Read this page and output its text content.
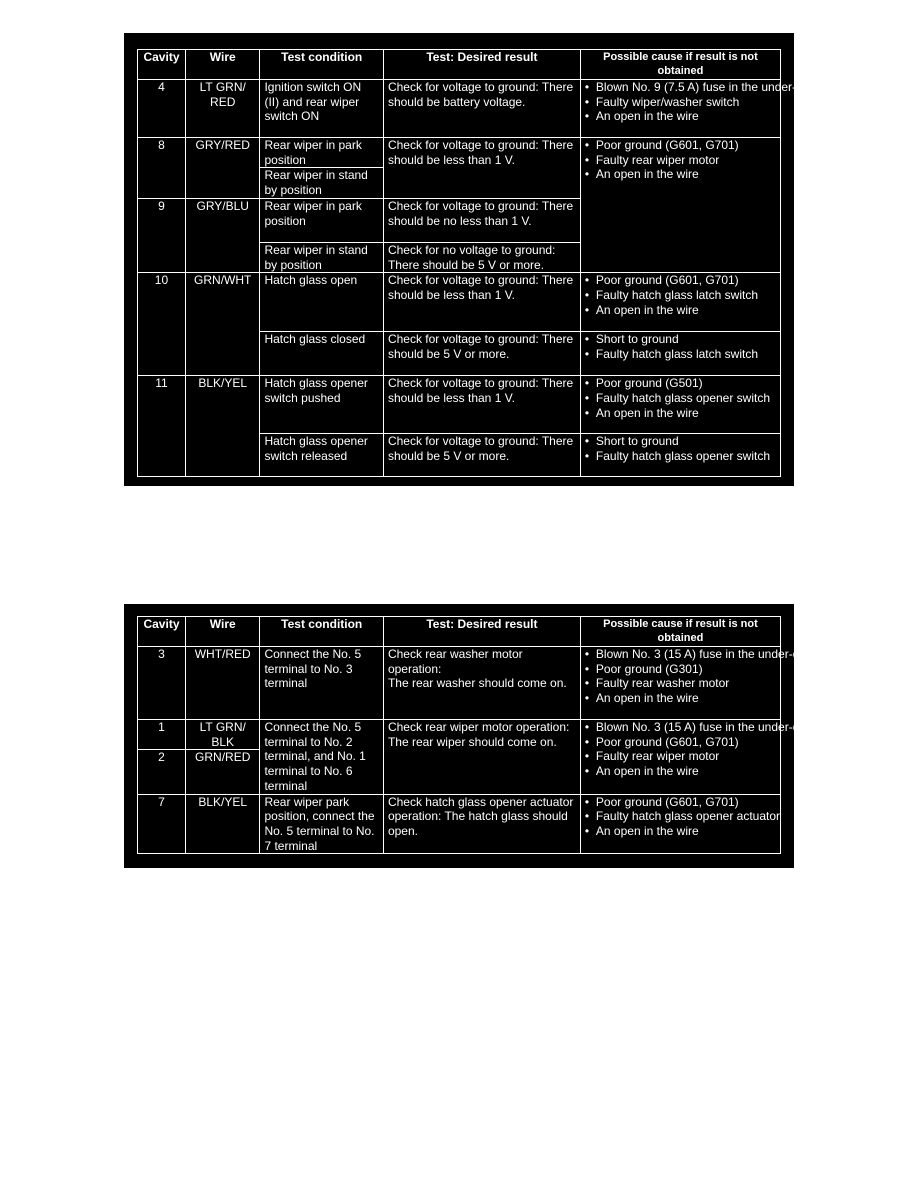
Cavity	Wire	Test condition	Test: Desired result	Possible cause if result is not obtained
4	LT GRN/ RED	Ignition switch ON (II) and rear wiper switch ON	Check for voltage to ground: There should be battery voltage.	• Blown No. 9 (7.5 A) fuse in the under-dash fuse/relay box
• Faulty wiper/washer switch
• An open in the wire

8	GRY/RED	Rear wiper in park position	Check for voltage to ground: There should be less than 1 V.	• Poor ground (G601, G701)
• Faulty rear wiper motor
• An open in the wire

		Rear wiper in stand by position		
9	GRY/BLU	Rear wiper in park position	Check for voltage to ground: There should be no less than 1 V.	
		Rear wiper in stand by position	Check for no voltage to ground: There should be 5 V or more.	
10	GRN/WHT	Hatch glass open	Check for voltage to ground: There should be less than 1 V.	• Poor ground (G601, G701)
• Faulty hatch glass latch switch
• An open in the wire

		Hatch glass closed	Check for voltage to ground: There should be 5 V or more.	• Short to ground
• Faulty hatch glass latch switch

11	BLK/YEL	Hatch glass opener switch pushed	Check for voltage to ground: There should be less than 1 V.	• Poor ground (G501)
• Faulty hatch glass opener switch
• An open in the wire

		Hatch glass opener switch released	Check for voltage to ground: There should be 5 V or more.	• Short to ground
• Faulty hatch glass opener switch
Cavity	Wire	Test condition	Test: Desired result	Possible cause if result is not obtained
3	WHT/RED	Connect the No. 5 terminal to No. 3 terminal	Check rear washer motor operation:
The rear washer should come on.	• Blown No. 3 (15 A) fuse in the under-dash fuse/relay box
• Poor ground (G301)
• Faulty rear washer motor
• An open in the wire

1	LT GRN/ BLK	Connect the No. 5 terminal to No. 2 terminal, and No. 1 terminal to No. 6 terminal	Check rear wiper motor operation: The rear wiper should come on.	• Blown No. 3 (15 A) fuse in the under-dash fuse/relay box
• Poor ground (G601, G701)
• Faulty rear wiper motor
• An open in the wire

2	GRN/RED			
7	BLK/YEL	Rear wiper park position, connect the No. 5 terminal to No. 7 terminal	Check hatch glass opener actuator operation: The hatch glass should open.	• Poor ground (G601, G701)
• Faulty hatch glass opener actuator
• An open in the wire
